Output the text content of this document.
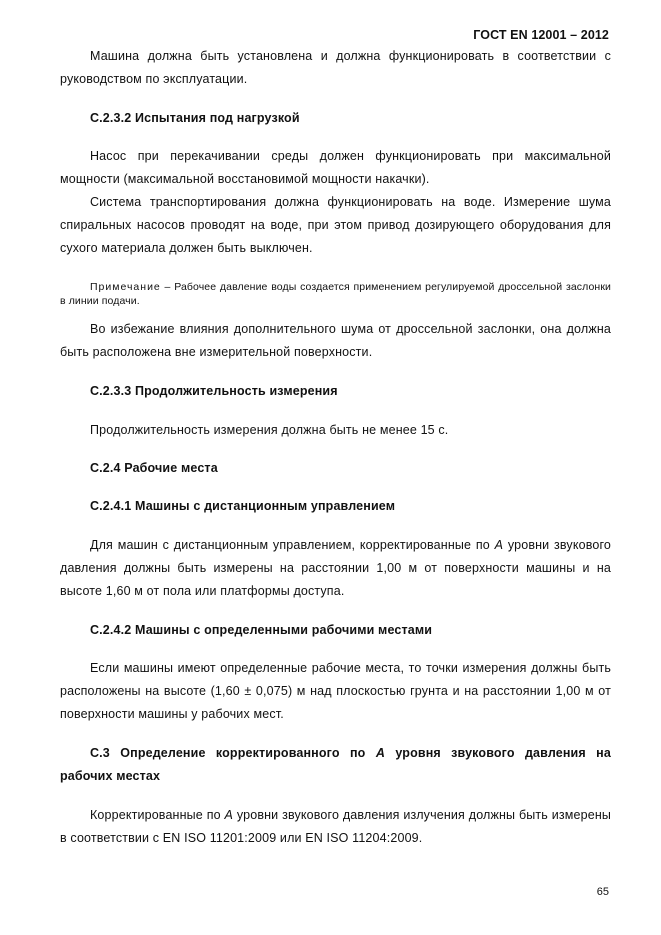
ГОСТ EN 12001 – 2012

Машина должна быть установлена и должна функционировать в соответствии с руководством по эксплуатации.

С.2.3.2 Испытания под нагрузкой

Насос при перекачивании среды должен функционировать при максимальной мощности (максимальной восстановимой мощности накачки).

Система транспортирования должна функционировать на воде. Измерение шума спиральных насосов проводят на воде, при этом привод дозирующего оборудования для сухого материала должен быть выключен.

Примечание – Рабочее давление воды создается применением регулируемой дроссельной заслонки в линии подачи.

Во избежание влияния дополнительного шума от дроссельной заслонки, она должна быть расположена вне измерительной поверхности.

С.2.3.3 Продолжительность измерения

Продолжительность измерения должна быть не менее 15 с.

С.2.4 Рабочие места

С.2.4.1 Машины с дистанционным управлением

Для машин с дистанционным управлением, корректированные по А уровни звукового давления должны быть измерены на расстоянии 1,00 м от поверхности машины и на высоте 1,60 м от пола или платформы доступа.

С.2.4.2 Машины с определенными рабочими местами

Если машины имеют определенные рабочие места, то точки измерения должны быть расположены на высоте (1,60 ± 0,075) м над плоскостью грунта и на расстоянии 1,00 м от поверхности машины у рабочих мест.

С.3 Определение корректированного по А уровня звукового давления на рабочих местах

Корректированные по А уровни звукового давления излучения должны быть измерены в соответствии с EN ISO 11201:2009 или EN ISO 11204:2009.

65
